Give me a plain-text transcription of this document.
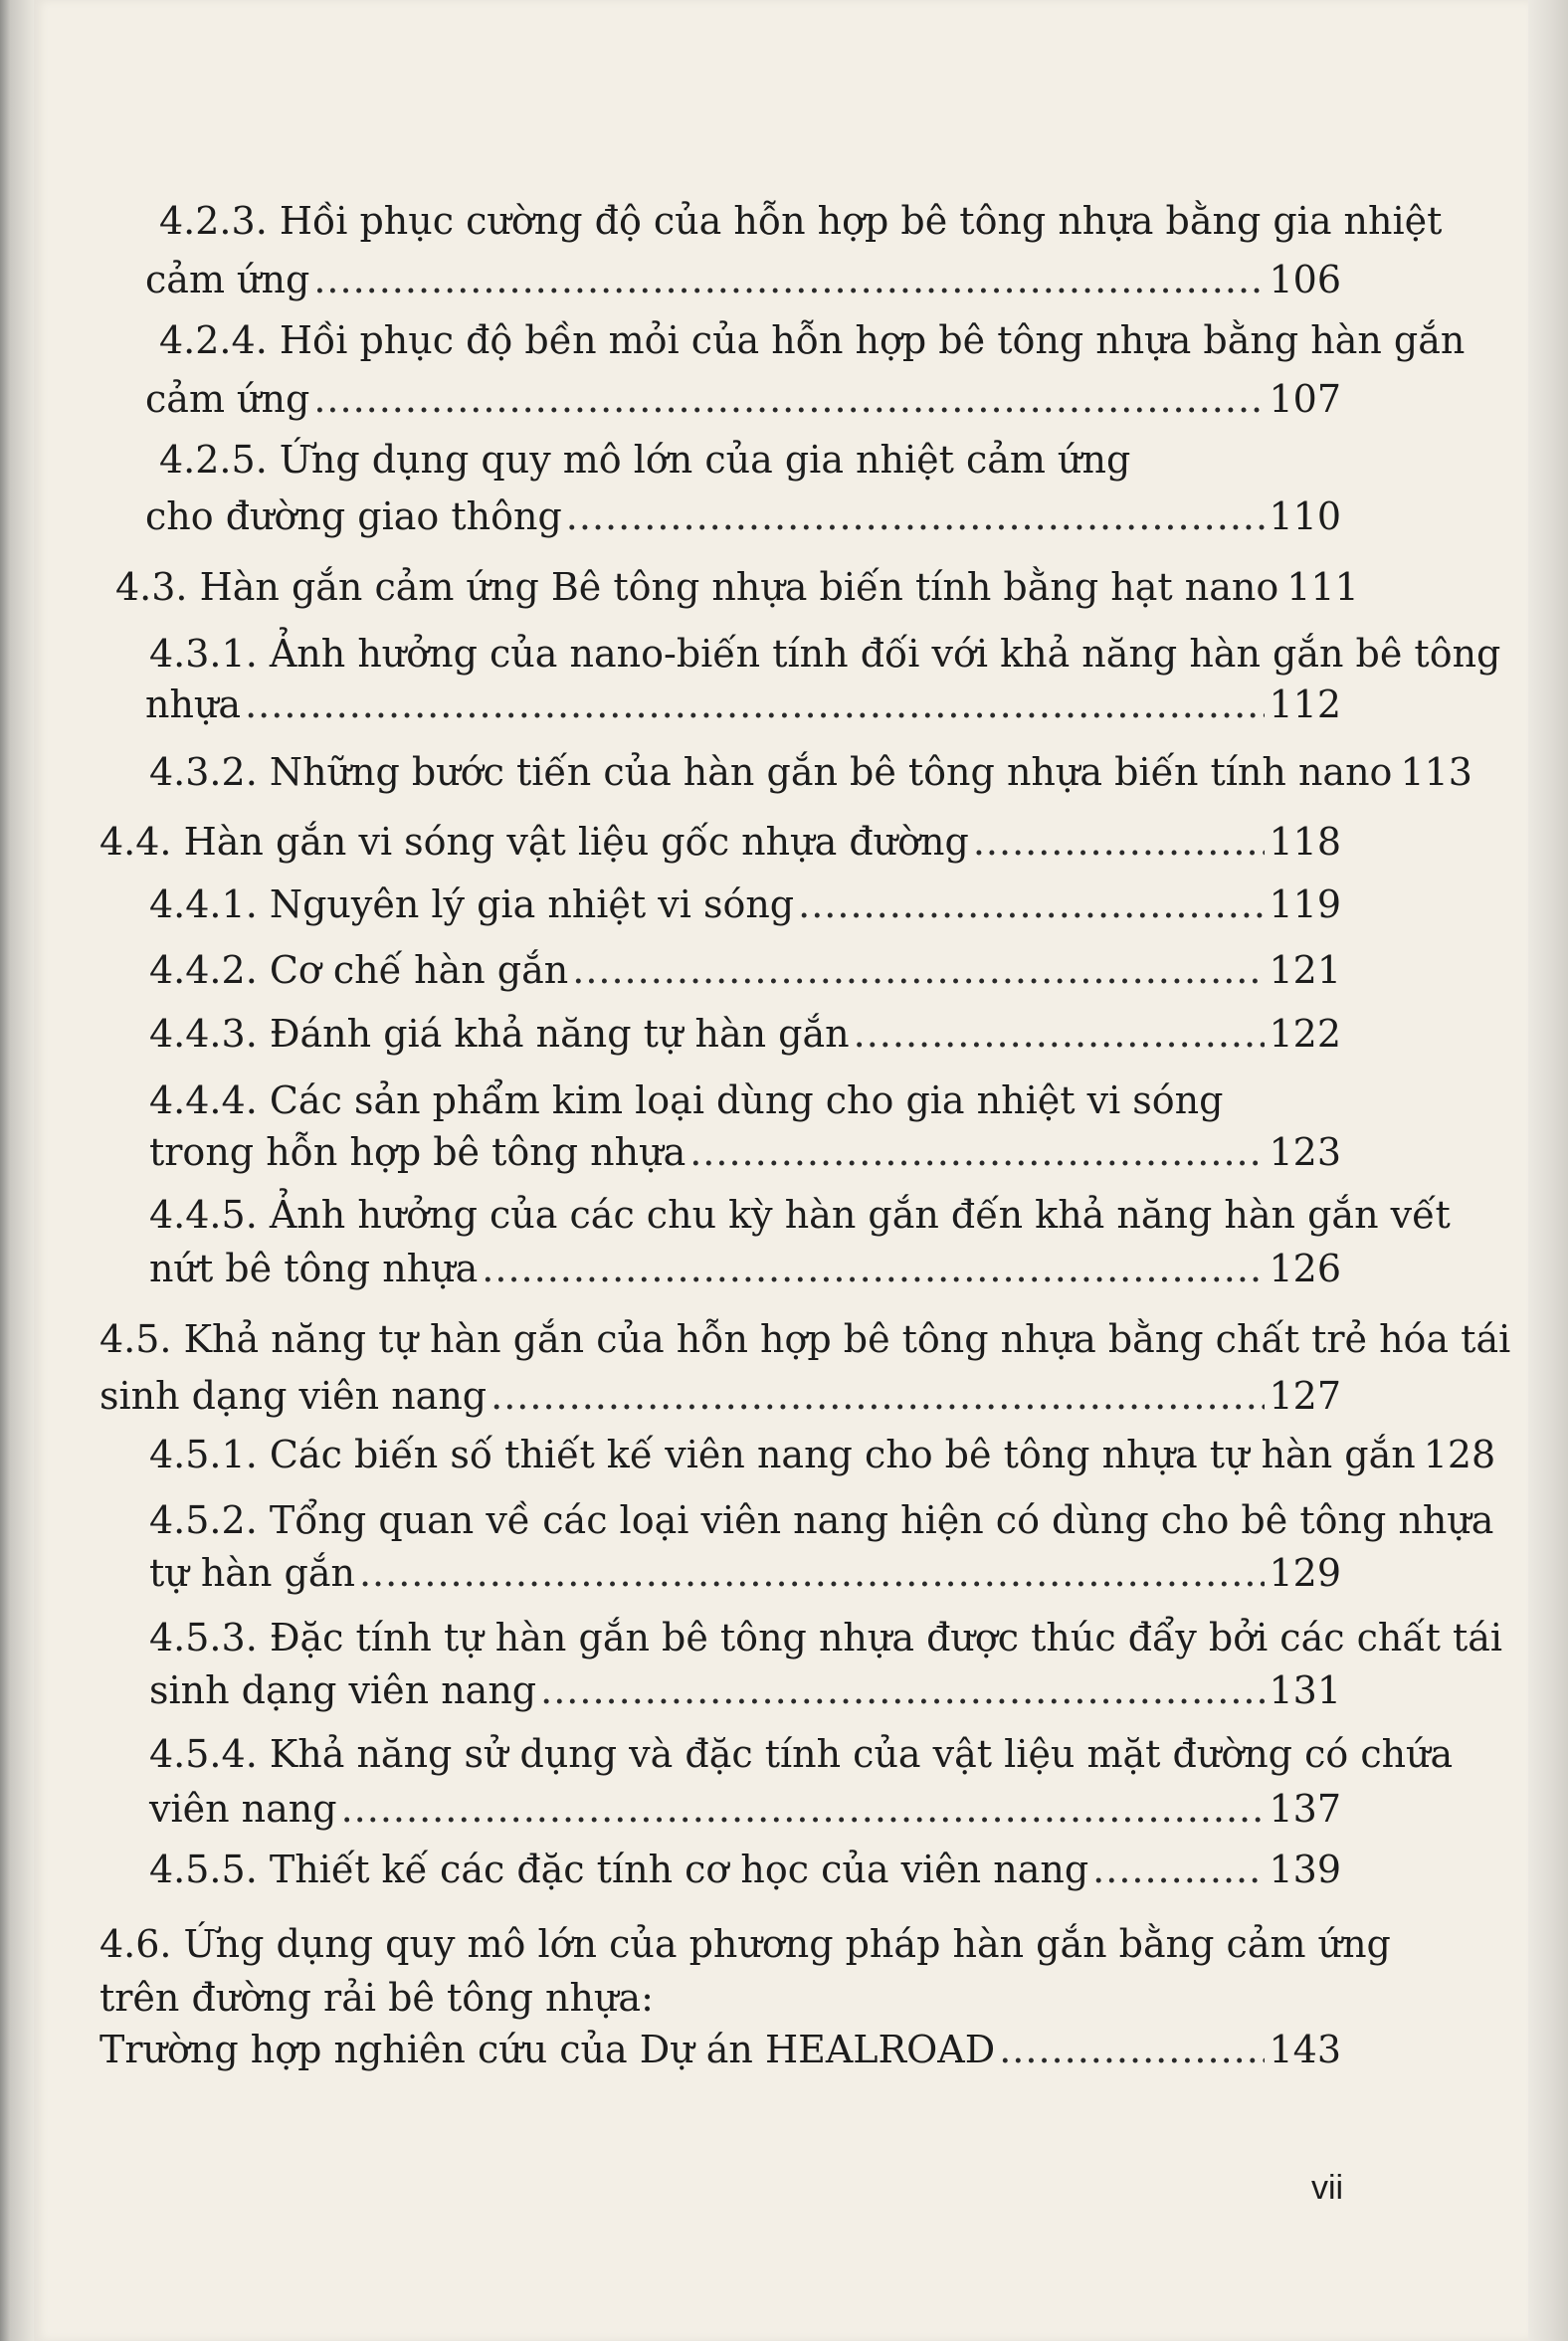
4.2.3. Hồi phục cường độ của hỗn hợp bê tông nhựa bằng gia nhiệt
cảm ứng .....	106
4.2.4. Hồi phục độ bền mỏi của hỗn hợp bê tông nhựa bằng hàn gắn
cảm ứng .....	107
4.2.5. Ứng dụng quy mô lớn của gia nhiệt cảm ứng
cho đường giao thông .....	110
4.3. Hàn gắn cảm ứng Bê tông nhựa biến tính bằng hạt nano 111
4.3.1. Ảnh hưởng của nano-biến tính đối với khả năng hàn gắn bê tông
nhựa .....	112
4.3.2. Những bước tiến của hàn gắn bê tông nhựa biến tính nano 113
4.4. Hàn gắn vi sóng vật liệu gốc nhựa đường .....	118
4.4.1. Nguyên lý gia nhiệt vi sóng .....	119
4.4.2. Cơ chế hàn gắn .....	121
4.4.3. Đánh giá khả năng tự hàn gắn .....	122
4.4.4. Các sản phẩm kim loại dùng cho gia nhiệt vi sóng
trong hỗn hợp bê tông nhựa .....	123
4.4.5. Ảnh hưởng của các chu kỳ hàn gắn đến khả năng hàn gắn vết
nứt bê tông nhựa .....	126
4.5. Khả năng tự hàn gắn của hỗn hợp bê tông nhựa bằng chất trẻ hóa tái
sinh dạng viên nang .....	127
4.5.1. Các biến số thiết kế viên nang cho bê tông nhựa tự hàn gắn 128
4.5.2. Tổng quan về các loại viên nang hiện có dùng cho bê tông nhựa
tự hàn gắn .....	129
4.5.3. Đặc tính tự hàn gắn bê tông nhựa được thúc đẩy bởi các chất tái
sinh dạng viên nang .....	131
4.5.4. Khả năng sử dụng và đặc tính của vật liệu mặt đường có chứa
viên nang .....	137
4.5.5. Thiết kế các đặc tính cơ học của viên nang .....	139
4.6. Ứng dụng quy mô lớn của phương pháp hàn gắn bằng cảm ứng
trên đường rải bê tông nhựa:
Trường hợp nghiên cứu của Dự án HEALROAD .....	143
vii
